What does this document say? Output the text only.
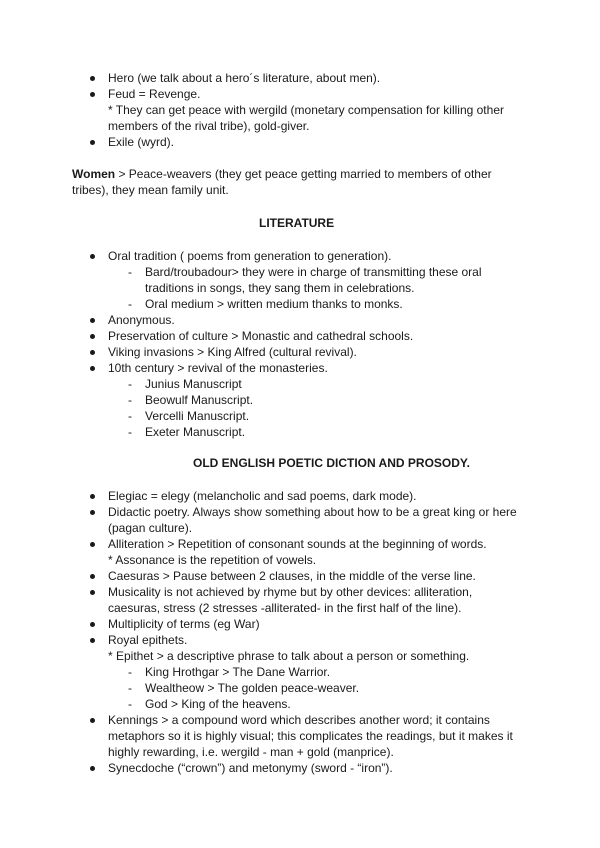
Hero (we talk about a hero´s literature, about men).
Feud = Revenge.
* They can get peace with wergild (monetary compensation for killing other
members of the rival tribe), gold-giver.
Exile (wyrd).
Women > Peace-weavers (they get peace getting married to members of other
tribes), they mean family unit.
LITERATURE
Oral tradition ( poems from generation to generation).
- Bard/troubadour> they were in charge of transmitting these oral
traditions in songs, they sang them in celebrations.
- Oral medium > written medium thanks to monks.
Anonymous.
Preservation of culture > Monastic and cathedral schools.
Viking invasions > King Alfred (cultural revival).
10th century > revival of the monasteries.
- Junius Manuscript
- Beowulf Manuscript.
- Vercelli Manuscript.
- Exeter Manuscript.
OLD ENGLISH POETIC DICTION AND PROSODY.
Elegiac = elegy (melancholic and sad poems, dark mode).
Didactic poetry. Always show something about how to be a great king or here
(pagan culture).
Alliteration > Repetition of consonant sounds at the beginning of words.
* Assonance is the repetition of vowels.
Caesuras > Pause between 2 clauses, in the middle of the verse line.
Musicality is not achieved by rhyme but by other devices: alliteration,
caesuras, stress (2 stresses -alliterated- in the first half of the line).
Multiplicity of terms (eg War)
Royal epithets.
* Epithet > a descriptive phrase to talk about a person or something.
- King Hrothgar > The Dane Warrior.
- Wealtheow > The golden peace-weaver.
- God > King of the heavens.
Kennings > a compound word which describes another word; it contains
metaphors so it is highly visual; this complicates the readings, but it makes it
highly rewarding, i.e. wergild - man + gold (manprice).
Synecdoche (“crown”) and metonymy (sword - “iron”).
